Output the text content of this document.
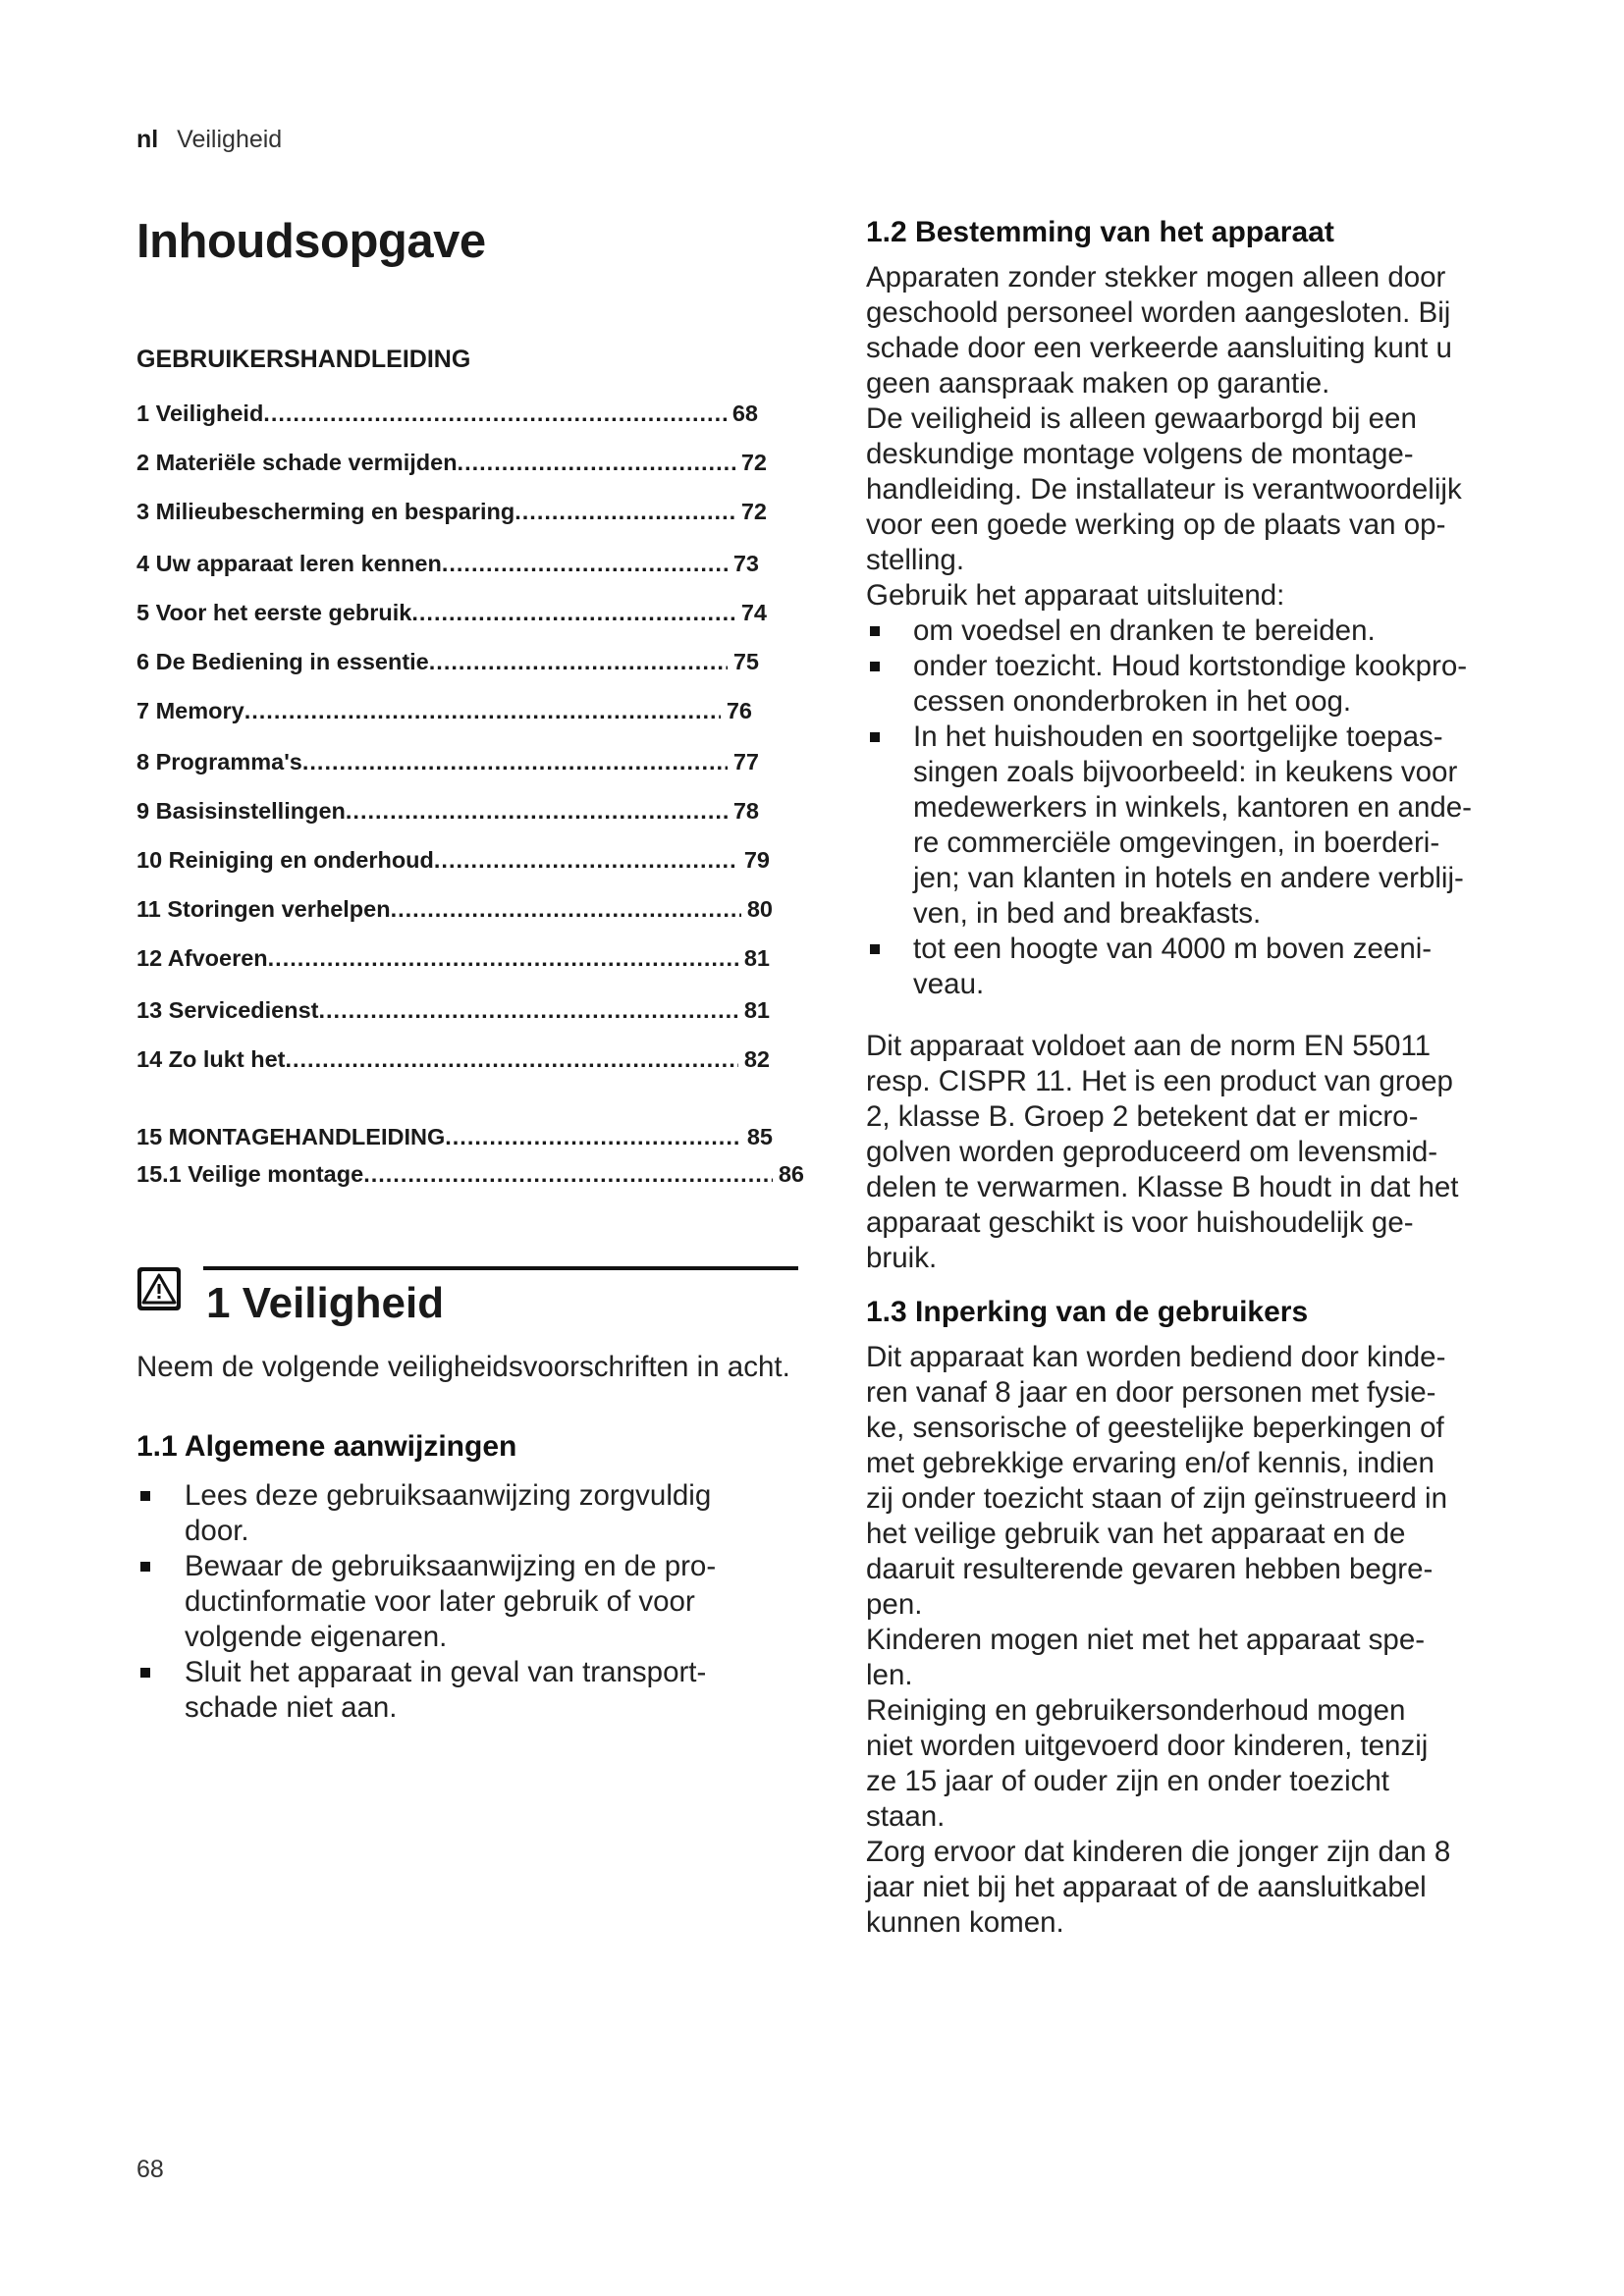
nl Veiligheid
Inhoudsopgave
GEBRUIKERSHANDLEIDING
1 Veiligheid .....	68
2 Materiële schade vermijden .....	72
3 Milieubescherming en besparing .....	72
4 Uw apparaat leren kennen .....	73
5 Voor het eerste gebruik .....	74
6 De Bediening in essentie .....	75
7 Memory .....	76
8 Programma's .....	77
9 Basisinstellingen .....	78
10 Reiniging en onderhoud .....	79
11 Storingen verhelpen .....	80
12 Afvoeren .....	81
13 Servicedienst .....	81
14 Zo lukt het .....	82
15 MONTAGEHANDLEIDING .....	85
15.1 Veilige montage .....	86
1 Veiligheid

Neem de volgende veiligheidsvoorschriften in acht.

1.1 Algemene aanwijzingen
Lees deze gebruiksaanwijzing zorgvuldig
door.
Bewaar de gebruiksaanwijzing en de pro-
ductinformatie voor later gebruik of voor
volgende eigenaren.
Sluit het apparaat in geval van transport-
schade niet aan.
1.2 Bestemming van het apparaat
Apparaten zonder stekker mogen alleen door
geschoold personeel worden aangesloten. Bij
schade door een verkeerde aansluiting kunt u
geen aanspraak maken op garantie.
De veiligheid is alleen gewaarborgd bij een
deskundige montage volgens de montage-
handleiding. De installateur is verantwoordelijk
voor een goede werking op de plaats van op-
stelling.
Gebruik het apparaat uitsluitend:
om voedsel en dranken te bereiden.
onder toezicht. Houd kortstondige kookpro-
cessen ononderbroken in het oog.
In het huishouden en soortgelijke toepas-
singen zoals bijvoorbeeld: in keukens voor
medewerkers in winkels, kantoren en ande-
re commerciële omgevingen, in boerderi-
jen; van klanten in hotels en andere verblij-
ven, in bed and breakfasts.
tot een hoogte van 4000 m boven zeeni-
veau.
Dit apparaat voldoet aan de norm EN 55011
resp. CISPR 11. Het is een product van groep
2, klasse B. Groep 2 betekent dat er micro-
golven worden geproduceerd om levensmid-
delen te verwarmen. Klasse B houdt in dat het
apparaat geschikt is voor huishoudelijk ge-
bruik.
1.3 Inperking van de gebruikers
Dit apparaat kan worden bediend door kinde-
ren vanaf 8 jaar en door personen met fysie-
ke, sensorische of geestelijke beperkingen of
met gebrekkige ervaring en/of kennis, indien
zij onder toezicht staan of zijn geïnstrueerd in
het veilige gebruik van het apparaat en de
daaruit resulterende gevaren hebben begre-
pen.
Kinderen mogen niet met het apparaat spe-
len.
Reiniging en gebruikersonderhoud mogen
niet worden uitgevoerd door kinderen, tenzij
ze 15 jaar of ouder zijn en onder toezicht
staan.
Zorg ervoor dat kinderen die jonger zijn dan 8
jaar niet bij het apparaat of de aansluitkabel
kunnen komen.
68
